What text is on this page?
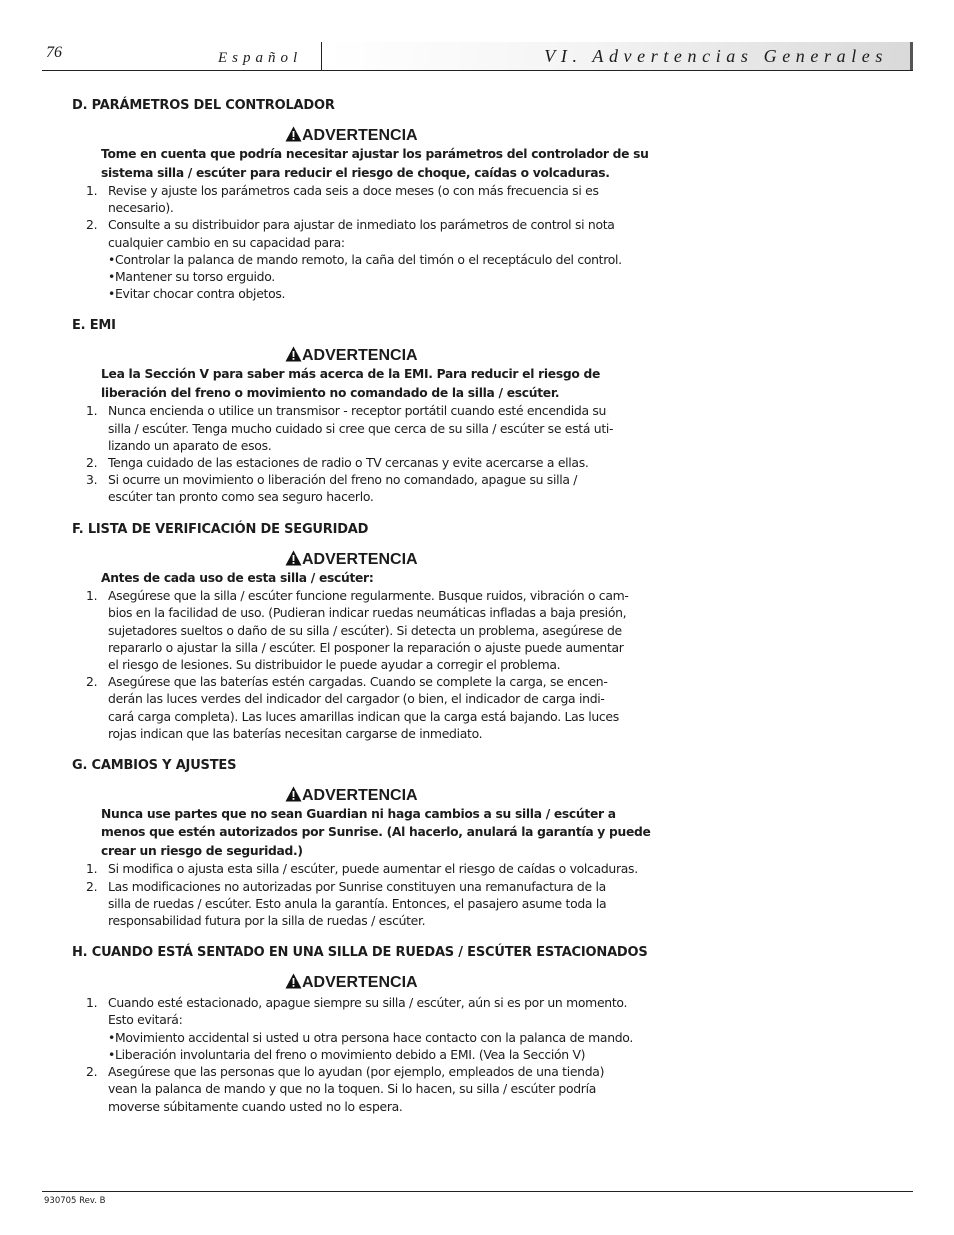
76	Español	VI. Advertencias Generales
D. PARÁMETROS DEL CONTROLADOR
ADVERTENCIA
Tome en cuenta que podría necesitar ajustar los parámetros del controlador de su
sistema silla / escúter para reducir el riesgo de choque, caídas o volcaduras.
1. Revise y ajuste los parámetros cada seis a doce meses (o con más frecuencia si es
necesario).
2. Consulte a su distribuidor para ajustar de inmediato los parámetros de control si nota
cualquier cambio en su capacidad para:
•Controlar la palanca de mando remoto, la caña del timón o el receptáculo del control.
•Mantener su torso erguido.
•Evitar chocar contra objetos.
E. EMI
ADVERTENCIA
Lea la Sección V para saber más acerca de la EMI. Para reducir el riesgo de
liberación del freno o movimiento no comandado de la silla / escúter.
1. Nunca encienda o utilice un transmisor - receptor portátil cuando esté encendida su
silla / escúter. Tenga mucho cuidado si cree que cerca de su silla / escúter se está uti-
lizando un aparato de esos.
2. Tenga cuidado de las estaciones de radio o TV cercanas y evite acercarse a ellas.
3. Si ocurre un movimiento o liberación del freno no comandado, apague su silla /
escúter tan pronto como sea seguro hacerlo.
F. LISTA DE VERIFICACIÓN DE SEGURIDAD
ADVERTENCIA
Antes de cada uso de esta silla / escúter:
1. Asegúrese que la silla / escúter funcione regularmente. Busque ruidos, vibración o cam-
bios en la facilidad de uso. (Pudieran indicar ruedas neumáticas infladas a baja presión,
sujetadores sueltos o daño de su silla / escúter). Si detecta un problema, asegúrese de
repararlo o ajustar la silla / escúter. El posponer la reparación o ajuste puede aumentar
el riesgo de lesiones. Su distribuidor le puede ayudar a corregir el problema.
2. Asegúrese que las baterías estén cargadas. Cuando se complete la carga, se encen-
derán las luces verdes del indicador del cargador (o bien, el indicador de carga indi-
cará carga completa). Las luces amarillas indican que la carga está bajando. Las luces
rojas indican que las baterías necesitan cargarse de inmediato.
G. CAMBIOS Y AJUSTES
ADVERTENCIA
Nunca use partes que no sean Guardian ni haga cambios a su silla / escúter a
menos que estén autorizados por Sunrise. (Al hacerlo, anulará la garantía y puede
crear un riesgo de seguridad.)
1. Si modifica o ajusta esta silla / escúter, puede aumentar el riesgo de caídas o volcaduras.
2. Las modificaciones no autorizadas por Sunrise constituyen una remanufactura de la
silla de ruedas / escúter. Esto anula la garantía. Entonces, el pasajero asume toda la
responsabilidad futura por la silla de ruedas / escúter.
H. CUANDO ESTÁ SENTADO EN UNA SILLA DE RUEDAS / ESCÚTER ESTACIONADOS
ADVERTENCIA
1. Cuando esté estacionado, apague siempre su silla / escúter, aún si es por un momento.
Esto evitará:
•Movimiento accidental si usted u otra persona hace contacto con la palanca de mando.
•Liberación involuntaria del freno o movimiento debido a EMI. (Vea la Sección V)
2. Asegúrese que las personas que lo ayudan (por ejemplo, empleados de una tienda)
vean la palanca de mando y que no la toquen. Si lo hacen, su silla / escúter podría
moverse súbitamente cuando usted no lo espera.
930705 Rev. B
